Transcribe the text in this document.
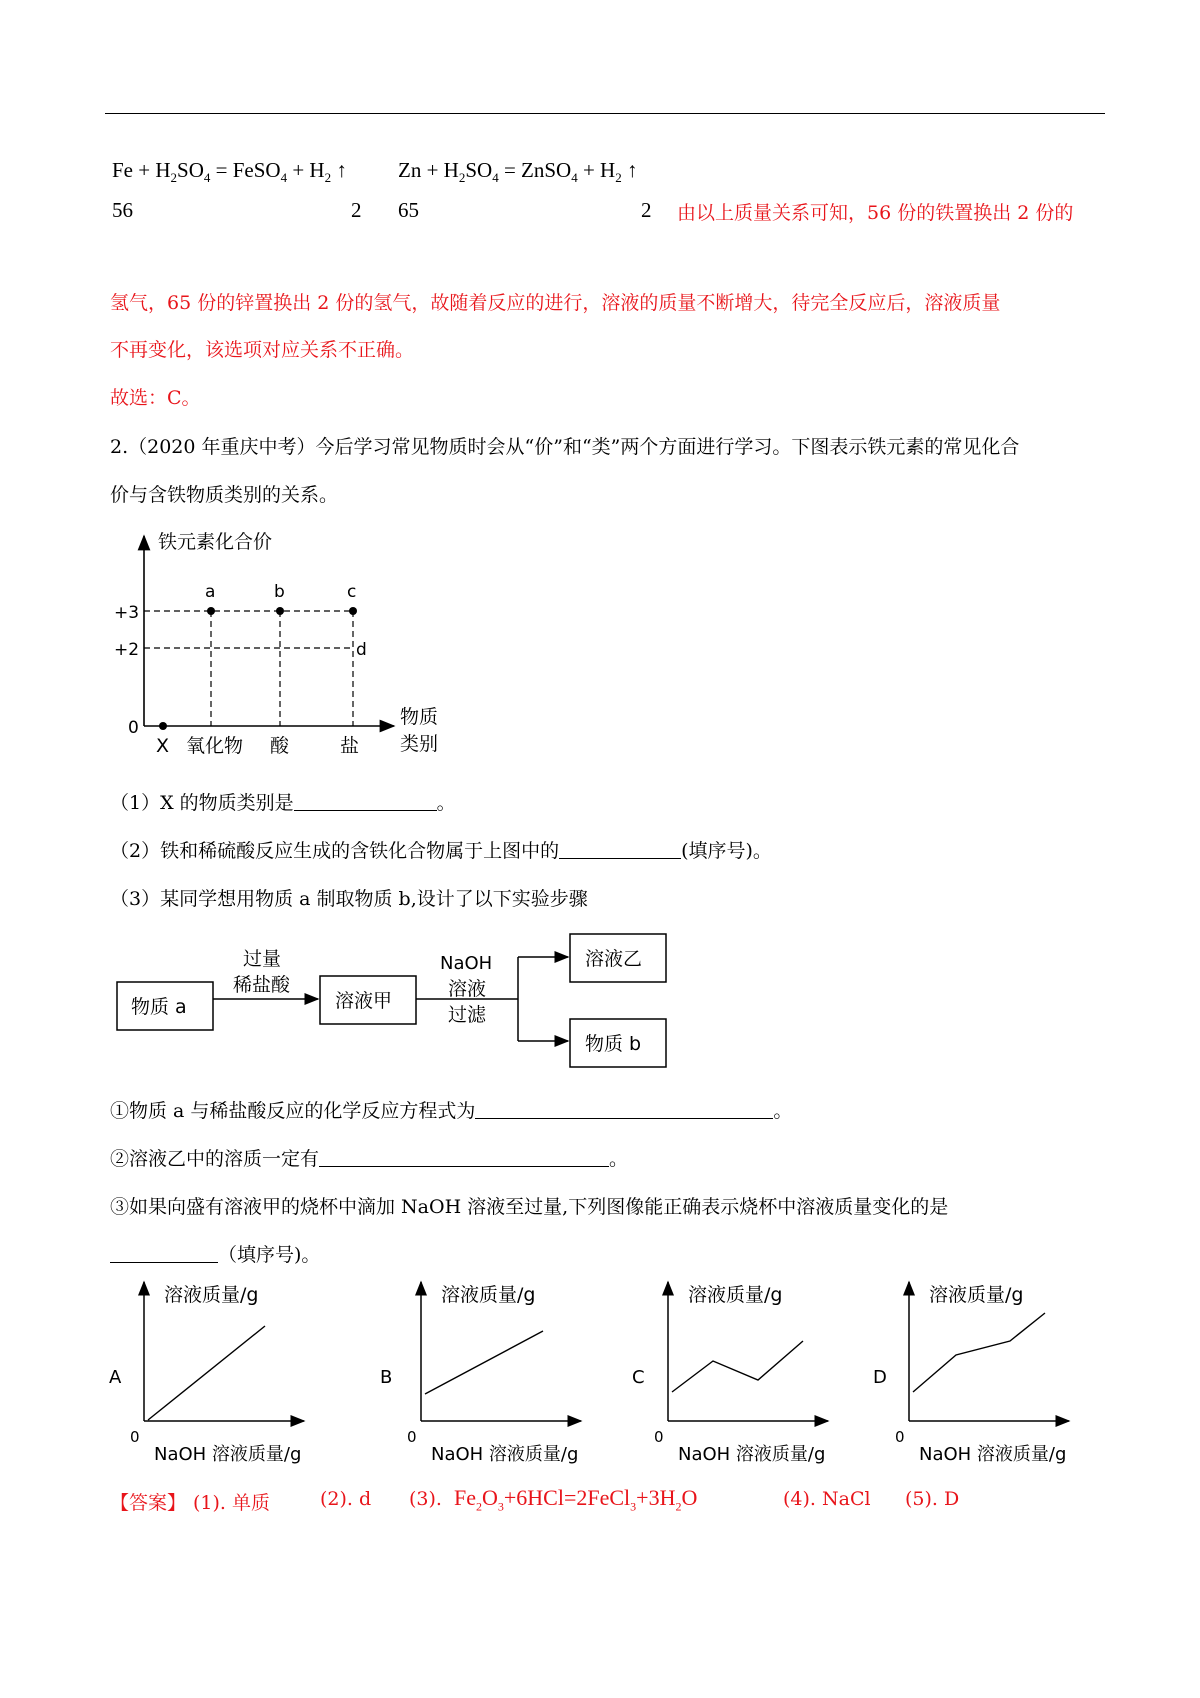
$Fe + H_2SO_4$ = FeSO$_4$ + $H_2$ ↑ $Zn + H_2SO_4$ = ZnSO$_4$ + $H_2$ ↑
56	2 65	2 由以上质量关系可知，56 份的铁置换出 2 份的
氢气，65 份的锌置换出 2 份的氢气，故随着反应的进行，溶液的质量不断增大，待完全反应后，溶液质量
不再变化，该选项对应关系不正确。
故选：C。
2.（2020 年重庆中考）今后学习常见物质时会从“价”和“类”两个方面进行学习。下图表示铁元素的常见化合
价与含铁物质类别的关系。
铁元素化合价
+3
+2
0
a	b	c
d
X 氧化物 酸	盐
物质
类别
（1）X 的物质类别是	。
（2）铁和稀硫酸反应生成的含铁化合物属于上图中的	(填序号)。
（3）某同学想用物质 a 制取物质 b,设计了以下实验步骤
物质 a
过量
稀盐酸
溶液甲
NaOH
溶液
过滤
溶液乙
物质 b
①物质 a 与稀盐酸反应的化学反应方程式为	。
②溶液乙中的溶质一定有	。
③如果向盛有溶液甲的烧杯中滴加 NaOH 溶液至过量,下列图像能正确表示烧杯中溶液质量变化的是
（填序号)。
溶液质量/g
NaOH 溶液质量/g
0
A
溶液质量/g
NaOH 溶液质量/g
0
B
溶液质量/g
NaOH 溶液质量/g
0
C
溶液质量/g
NaOH 溶液质量/g
0
D
【答案】 (1). 单质	(2). d (3). $Fe_2O_3+6HCl=2FeCl_3+3H_2O$	(4). NaCl (5). D
